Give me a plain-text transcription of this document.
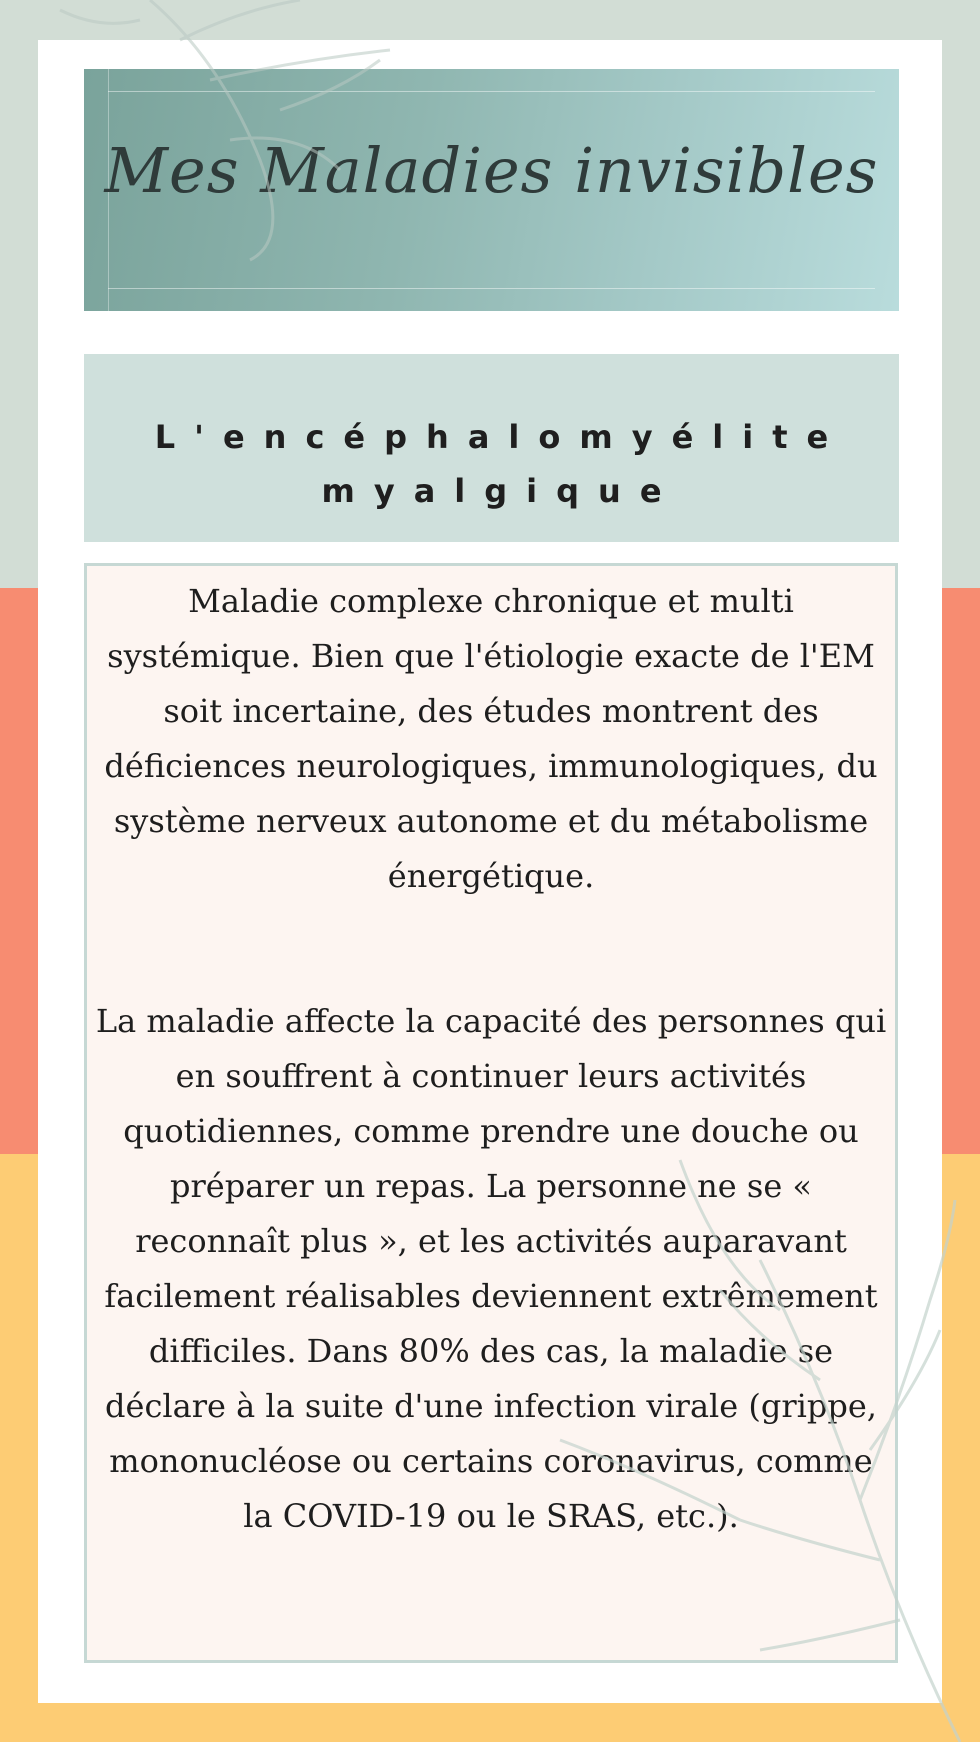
Mes Maladies invisibles
L'encéphalomyélite
myalgique

Maladie complexe chronique et multi systémique. Bien que l'étiologie exacte de l'EM soit incertaine, des études montrent des déficiences neurologiques, immunologiques, du système nerveux autonome et du métabolisme énergétique.

La maladie affecte la capacité des personnes qui en souffrent à continuer leurs activités quotidiennes, comme prendre une douche ou préparer un repas. La personne ne se « reconnaît plus », et les activités auparavant facilement réalisables deviennent extrêmement difficiles. Dans 80% des cas, la maladie se déclare à la suite d'une infection virale (grippe, mononucléose ou certains coronavirus, comme la COVID-19 ou le SRAS, etc.).
